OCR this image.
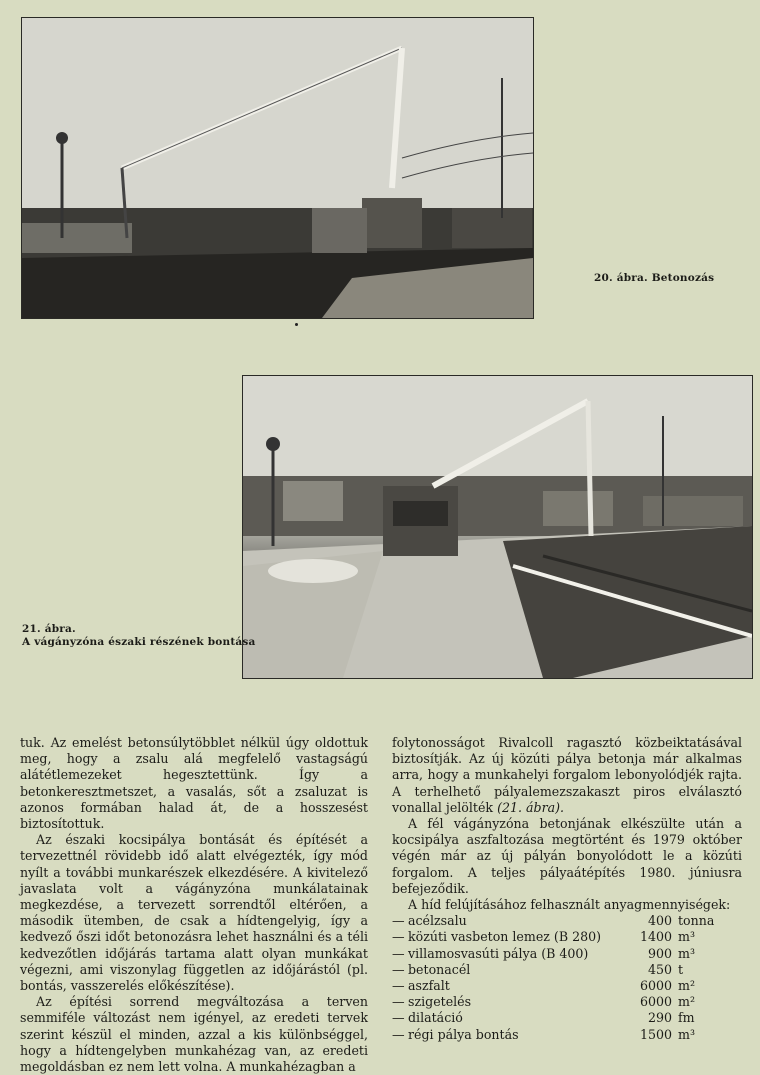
20. ábra. Betonozás
21. ábra.
A vágányzóna északi részének bontása

tuk. Az emelést betonsúlytöbblet nélkül úgy oldottuk meg, hogy a zsalu alá megfelelő vastagságú alátétlemezeket hegesztettünk. Így a betonkeresztmetszet, a vasalás, sőt a zsaluzat is azonos formában halad át, de a hosszesést biztosítottuk.

Az északi kocsipálya bontását és építését a tervezettnél rövidebb idő alatt elvégezték, így mód nyílt a további munkarészek elkezdésére. A kivitelező javaslata volt a vágányzóna munkálatainak megkezdése, a tervezett sorrendtől eltérően, a második ütemben, de csak a hídtengelyig, így a kedvező őszi időt betonozásra lehet használni és a téli kedvezőtlen időjárás tartama alatt olyan munkákat végezni, ami viszonylag független az időjárástól (pl. bontás, vasszerelés előkészítése).

Az építési sorrend megváltozása a terven semmiféle változást nem igényel, az eredeti tervek szerint készül el minden, azzal a kis különbséggel, hogy a hídtengelyben munkahézag van, az eredeti megoldásban ez nem lett volna. A munkahézagban a

folytonosságot Rivalcoll ragasztó közbeiktatásával biztosítják. Az új közúti pálya betonja már alkalmas arra, hogy a munkahelyi forgalom lebonyolódjék rajta. A terhelhető pályalemezszakaszt piros elválasztó vonallal jelölték (21. ábra).

A fél vágányzóna betonjának elkészülte után a kocsipálya aszfaltozása megtörtént és 1979 október végén már az új pályán bonyolódott le a közúti forgalom. A teljes pályaátépítés 1980. júniusra befejeződik.

A híd felújításához felhasznált anyagmennyiségek:

— acélzsalu	400 tonna
— közúti vasbeton lemez (B 280)	1400 m³
— villamosvasúti pálya (B 400)	900 m³
— betonacél	450 t
— aszfalt	6000 m²
— szigetelés	6000 m²
— dilatáció	290 fm
— régi pálya bontás	1500 m³
